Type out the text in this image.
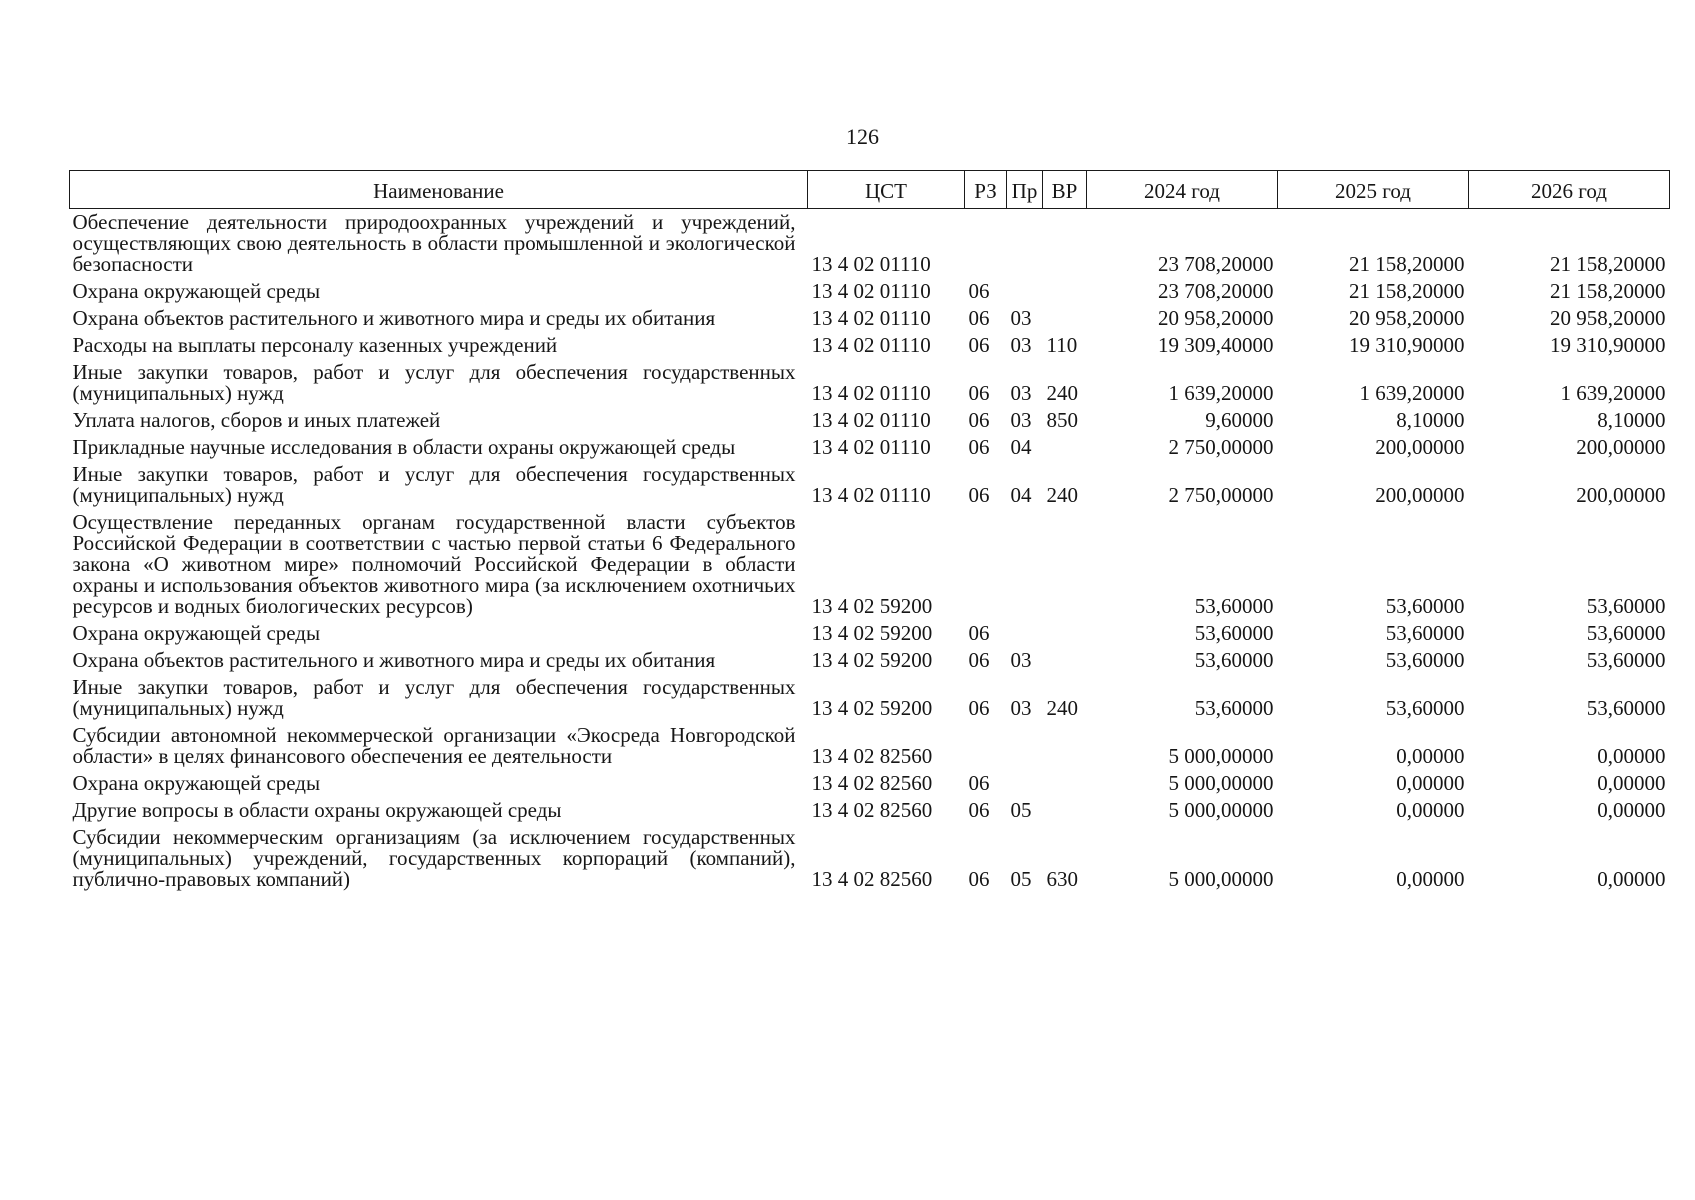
126
Наименование	ЦСТ	РЗ	Пр	ВР	2024 год	2025 год	2026 год
Обеспечение деятельности природоохранных учреждений и учреждений, осуществляющих свою деятельность в области промышленной и экологической безопасности	13 4 02 01110				23 708,20000	21 158,20000	21 158,20000
Охрана окружающей среды	13 4 02 01110	06			23 708,20000	21 158,20000	21 158,20000
Охрана объектов растительного и животного мира и среды их обитания	13 4 02 01110	06	03		20 958,20000	20 958,20000	20 958,20000
Расходы на выплаты персоналу казенных учреждений	13 4 02 01110	06	03	110	19 309,40000	19 310,90000	19 310,90000
Иные закупки товаров, работ и услуг для обеспечения государственных (муниципальных) нужд	13 4 02 01110	06	03	240	1 639,20000	1 639,20000	1 639,20000
Уплата налогов, сборов и иных платежей	13 4 02 01110	06	03	850	9,60000	8,10000	8,10000
Прикладные научные исследования в области охраны окружающей среды	13 4 02 01110	06	04		2 750,00000	200,00000	200,00000
Иные закупки товаров, работ и услуг для обеспечения государственных (муниципальных) нужд	13 4 02 01110	06	04	240	2 750,00000	200,00000	200,00000
Осуществление переданных органам государственной власти субъектов Российской Федерации в соответствии с частью первой статьи 6 Федерального закона «О животном мире» полномочий Российской Федерации в области охраны и использования объектов животного мира (за исключением охотничьих ресурсов и водных биологических ресурсов)	13 4 02 59200				53,60000	53,60000	53,60000
Охрана окружающей среды	13 4 02 59200	06			53,60000	53,60000	53,60000
Охрана объектов растительного и животного мира и среды их обитания	13 4 02 59200	06	03		53,60000	53,60000	53,60000
Иные закупки товаров, работ и услуг для обеспечения государственных (муниципальных) нужд	13 4 02 59200	06	03	240	53,60000	53,60000	53,60000
Субсидии автономной некоммерческой организации «Экосреда Новгородской области» в целях финансового обеспечения ее деятельности	13 4 02 82560				5 000,00000	0,00000	0,00000
Охрана окружающей среды	13 4 02 82560	06			5 000,00000	0,00000	0,00000
Другие вопросы в области охраны окружающей среды	13 4 02 82560	06	05		5 000,00000	0,00000	0,00000
Субсидии некоммерческим организациям (за исключением государственных (муниципальных) учреждений, государственных корпораций (компаний), публично-правовых компаний)	13 4 02 82560	06	05	630	5 000,00000	0,00000	0,00000
